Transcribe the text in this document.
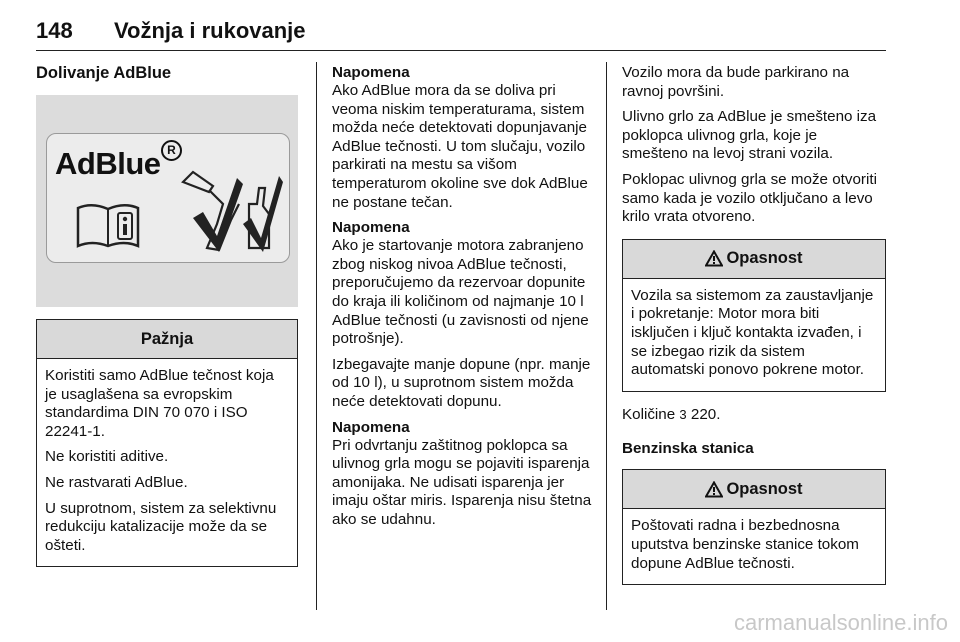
148 Vožnja i rukovanje
Dolivanje AdBlue
AdBlue R
Pažnja

Koristiti samo AdBlue tečnost koja je usaglašena sa evropskim standardima DIN 70 070 i ISO 22241-1.

Ne koristiti aditive.

Ne rastvarati AdBlue.

U suprotnom, sistem za selektivnu redukciju katalizacije može da se ošteti.

Napomena

Ako AdBlue mora da se doliva pri veoma niskim temperaturama, sistem možda neće detektovati dopunjavanje AdBlue tečnosti. U tom slučaju, vozilo parkirati na mestu sa višom temperaturom okoline sve dok AdBlue ne postane tečan.

Napomena

Ako je startovanje motora zabranjeno zbog niskog nivoa AdBlue tečnosti, preporučujemo da rezervoar dopunite do kraja ili količinom od najmanje 10 l AdBlue tečnosti (u zavisnosti od njene potrošnje).

Izbegavajte manje dopune (npr. manje od 10 l), u suprotnom sistem možda neće detektovati dopunu.

Napomena

Pri odvrtanju zaštitnog poklopca sa ulivnog grla mogu se pojaviti isparenja amonijaka. Ne udisati isparenja jer imaju oštar miris. Isparenja nisu štetna ako se udahnu.

Vozilo mora da bude parkirano na ravnoj površini.

Ulivno grlo za AdBlue je smešteno iza poklopca ulivnog grla, koje je smešteno na levoj strani vozila.

Poklopac ulivnog grla se može otvoriti samo kada je vozilo otključano a levo krilo vrata otvoreno.

Opasnost

Vozila sa sistemom za zaustavljanje i pokretanje: Motor mora biti isključen i ključ kontakta izvađen, i se izbegao rizik da sistem automatski ponovo pokrene motor.

Količine 3 220.

Benzinska stanica
Opasnost

Poštovati radna i bezbednosna uputstva benzinske stanice tokom dopune AdBlue tečnosti.

carmanualsonline.info
